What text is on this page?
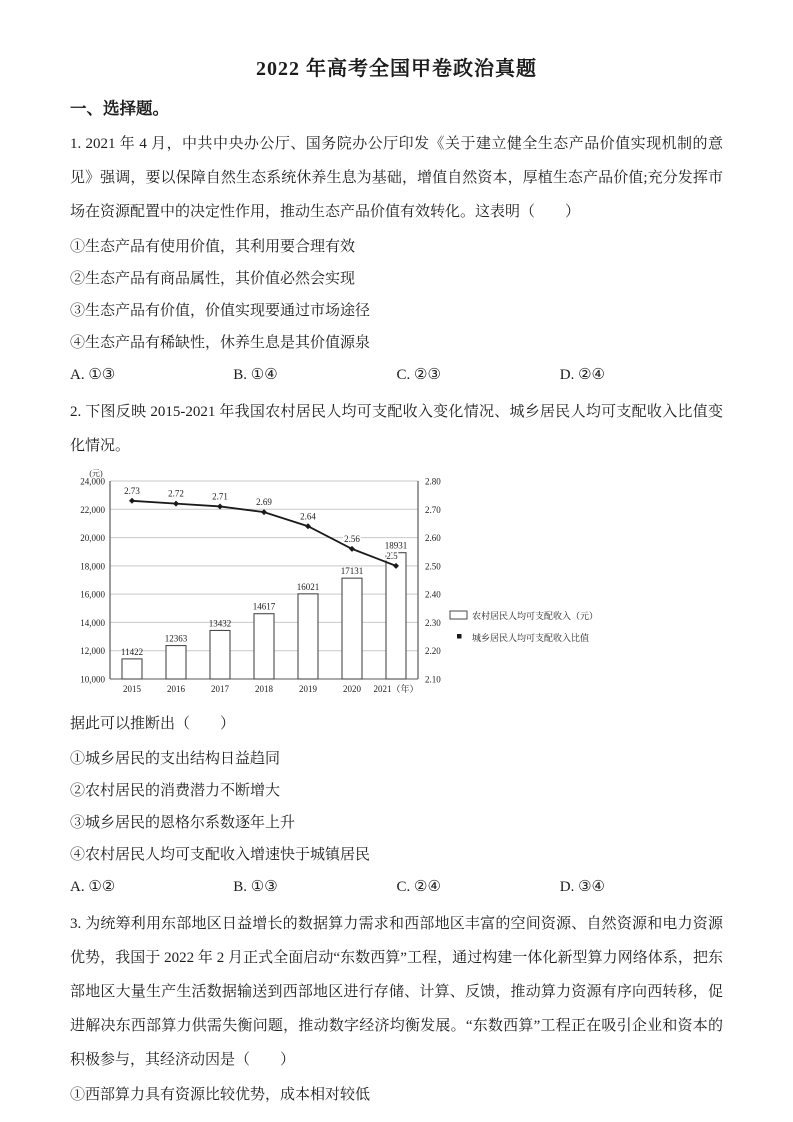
2022 年高考全国甲卷政治真题
一、选择题。

1. 2021 年 4 月，中共中央办公厅、国务院办公厅印发《关于建立健全生态产品价值实现机制的意见》强调，要以保障自然生态系统休养生息为基础，增值自然资本，厚植生态产品价值;充分发挥市场在资源配置中的决定性作用，推动生态产品价值有效转化。这表明（　　）

①生态产品有使用价值，其利用要合理有效
②生态产品有商品属性，其价值必然会实现
③生态产品有价值，价值实现要通过市场途径
④生态产品有稀缺性，休养生息是其价值源泉
A. ①③	B. ①④	C. ②③	D. ②④

2. 下图反映 2015-2021 年我国农村居民人均可支配收入变化情况、城乡居民人均可支配收入比值变化情况。

24,000
22,000
20,000
18,000
16,000
14,000
12,000
10,000
(元)
2.80
2.70
2.60
2.50
2.40
2.30
2.20
2.10
2015	2016	2017	2018	2019	2020 2021（年）
11422
12363
13432
14617
16021
17131
18931
2.73	2.72	2.71
2.69
2.64
2.56
2.5
农村居民人均可支配收入（元）
城乡居民人均可支配收入比值

据此可以推断出（　　）

①城乡居民的支出结构日益趋同
②农村居民的消费潜力不断增大
③城乡居民的恩格尔系数逐年上升
④农村居民人均可支配收入增速快于城镇居民
A. ①②	B. ①③	C. ②④	D. ③④

3. 为统筹利用东部地区日益增长的数据算力需求和西部地区丰富的空间资源、自然资源和电力资源优势，我国于 2022 年 2 月正式全面启动“东数西算”工程，通过构建一体化新型算力网络体系，把东部地区大量生产生活数据输送到西部地区进行存储、计算、反馈，推动算力资源有序向西转移，促进解决东西部算力供需失衡问题，推动数字经济均衡发展。“东数西算”工程正在吸引企业和资本的积极参与，其经济动因是（　　）

①西部算力具有资源比较优势，成本相对较低
